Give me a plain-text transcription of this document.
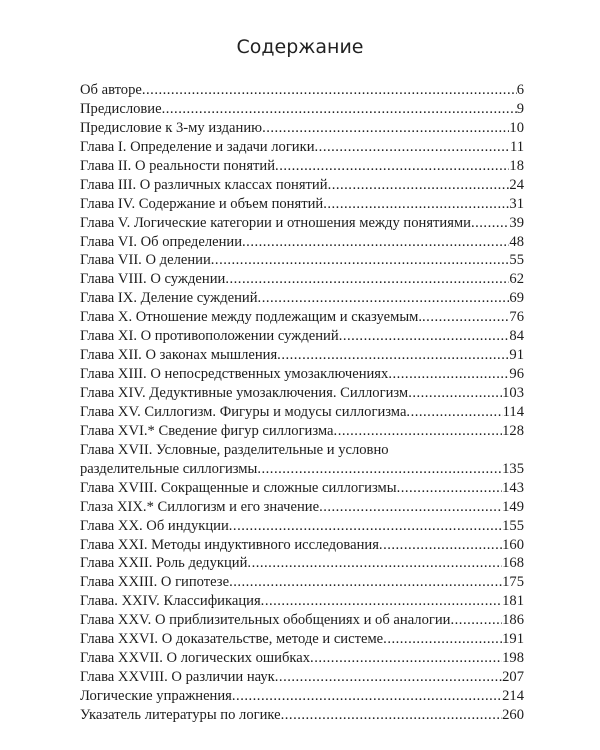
Содержание
Об авторе .....	6
Предисловие .....	9
Предисловие к 3-му изданию .....	10
Глава I. Определение и задачи логики .....	11
Глава II. О реальности понятий .....	18
Глава III. О различных классах понятий .....	24
Глава IV. Содержание и объем понятий .....	31
Глава V. Логические категории и отношения между понятиями .....	39
Глава VI. Об определении .....	48
Глава VII. О делении .....	55
Глава VIII. О суждении .....	62
Глава IX. Деление суждений .....	69
Глава X. Отношение между подлежащим и сказуемым. .....	76
Глава XI. О противоположении суждений .....	84
Глава XII. О законах мышления .....	91
Глава XIII. О непосредственных умозаключениях .....	96
Глава XIV. Дедуктивные умозаключения. Силлогизм .....	103
Глава XV. Силлогизм. Фигуры и модусы силлогизма .....	114
Глава XVI.* Сведение фигур силлогизма .....	128
Глава XVII. Условные, разделительные и условно
разделительные силлогизмы .....	135
Глава XVIII. Сокращенные и сложные силлогизмы .....	143
Глаза XIX.* Силлогизм и его значение .....	149
Глава XX. Об индукции .....	155
Глава XXI. Методы индуктивного исследования .....	160
Глава XXII. Роль дедукций .....	168
Глава XXIII. О гипотезе .....	175
Глава. XXIV. Классификация .....	181
Глава XXV. О приблизительных обобщениях и об аналогии .....	186
Глава XXVI. О доказательстве, методе и системе .....	191
Глава XXVII. О логических ошибках .....	198
Глава XXVIII. О различии наук .....	207
Логические упражнения .....	214
Указатель литературы по логике .....	260
